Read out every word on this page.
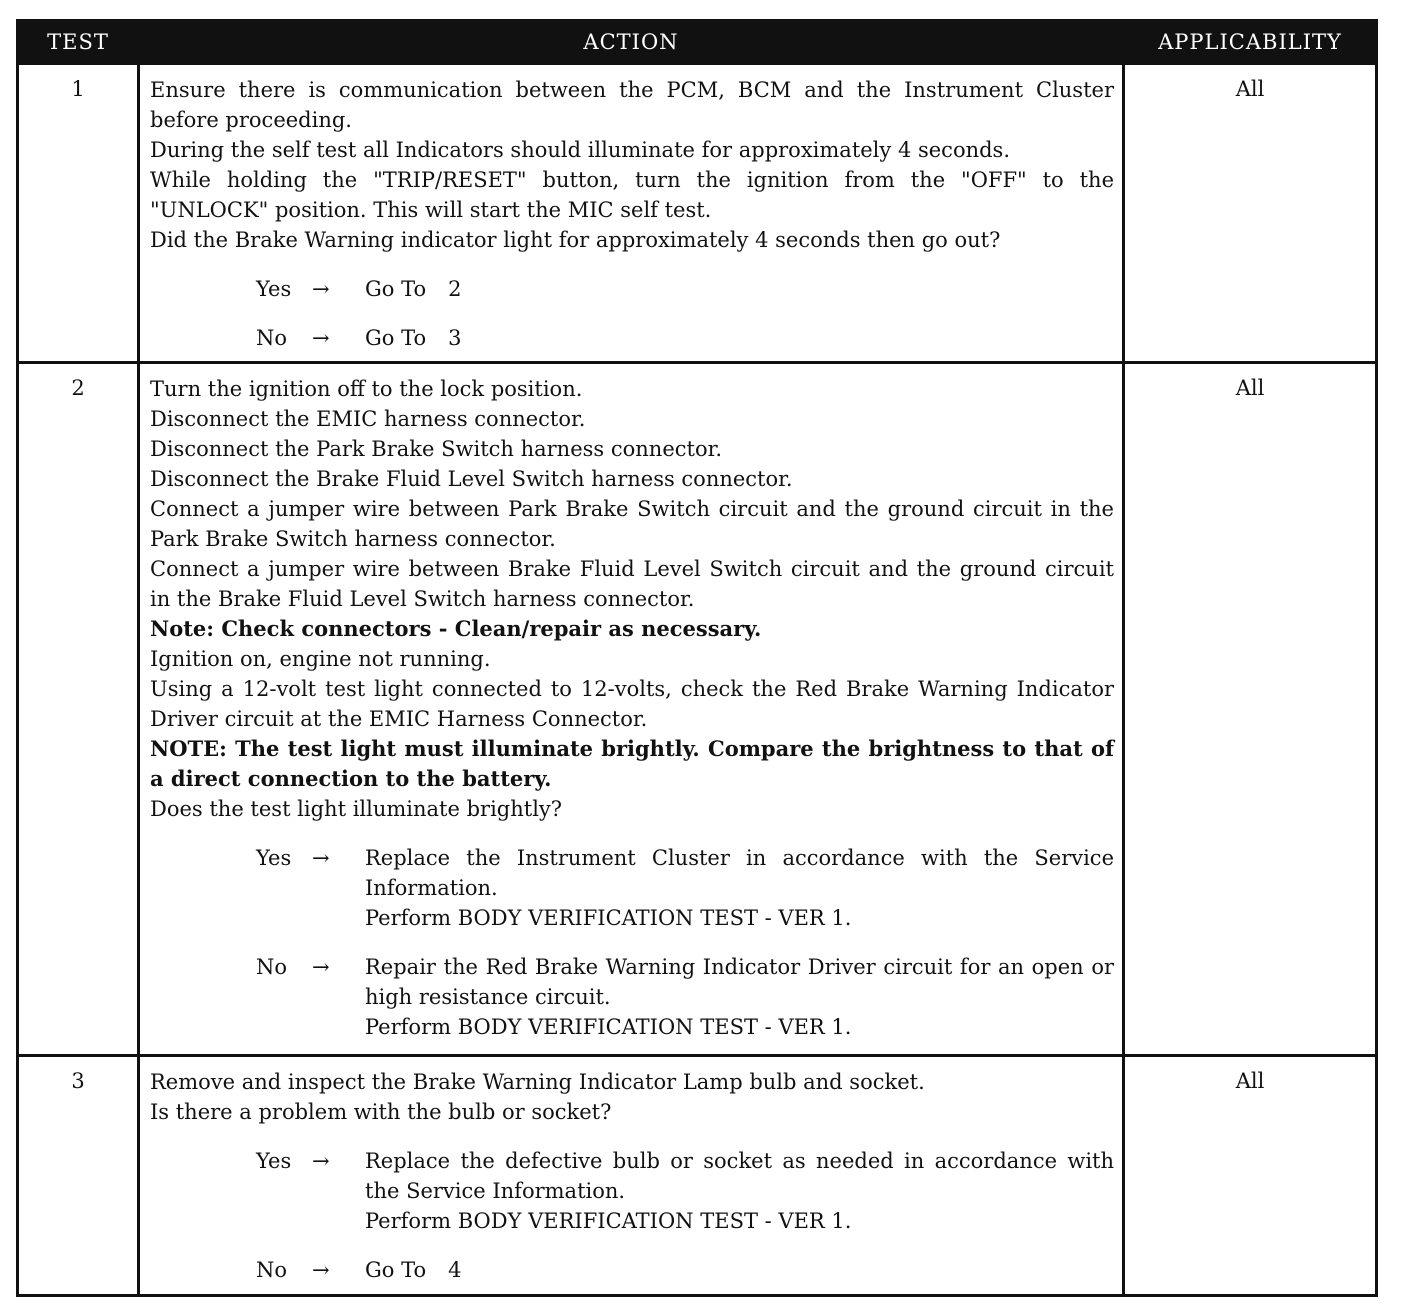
TEST	ACTION	APPLICABILITY
1	Ensure there is communication between the PCM, BCM and the Instrument Cluster before proceeding.
During the self test all Indicators should illuminate for approximately 4 seconds.
While holding the "TRIP/RESET" button, turn the ignition from the "OFF" to the "UNLOCK" position. This will start the MIC self test.
Did the Brake Warning indicator light for approximately 4 seconds then go out?
Yes →	Go To 2
No →	Go To 3
All
2	Turn the ignition off to the lock position.
Disconnect the EMIC harness connector.
Disconnect the Park Brake Switch harness connector.
Disconnect the Brake Fluid Level Switch harness connector.
Connect a jumper wire between Park Brake Switch circuit and the ground circuit in the Park Brake Switch harness connector.
Connect a jumper wire between Brake Fluid Level Switch circuit and the ground circuit in the Brake Fluid Level Switch harness connector.
Note: Check connectors - Clean/repair as necessary.
Ignition on, engine not running.
Using a 12-volt test light connected to 12-volts, check the Red Brake Warning Indicator Driver circuit at the EMIC Harness Connector.
NOTE: The test light must illuminate brightly. Compare the brightness to that of a direct connection to the battery.
Does the test light illuminate brightly?
Yes →	Replace the Instrument Cluster in accordance with the Service Information.
Perform BODY VERIFICATION TEST - VER 1.
No →	Repair the Red Brake Warning Indicator Driver circuit for an open or high resistance circuit.
Perform BODY VERIFICATION TEST - VER 1.
All
3	Remove and inspect the Brake Warning Indicator Lamp bulb and socket.
Is there a problem with the bulb or socket?
Yes →	Replace the defective bulb or socket as needed in accordance with the Service Information.
Perform BODY VERIFICATION TEST - VER 1.
No →	Go To 4
All
